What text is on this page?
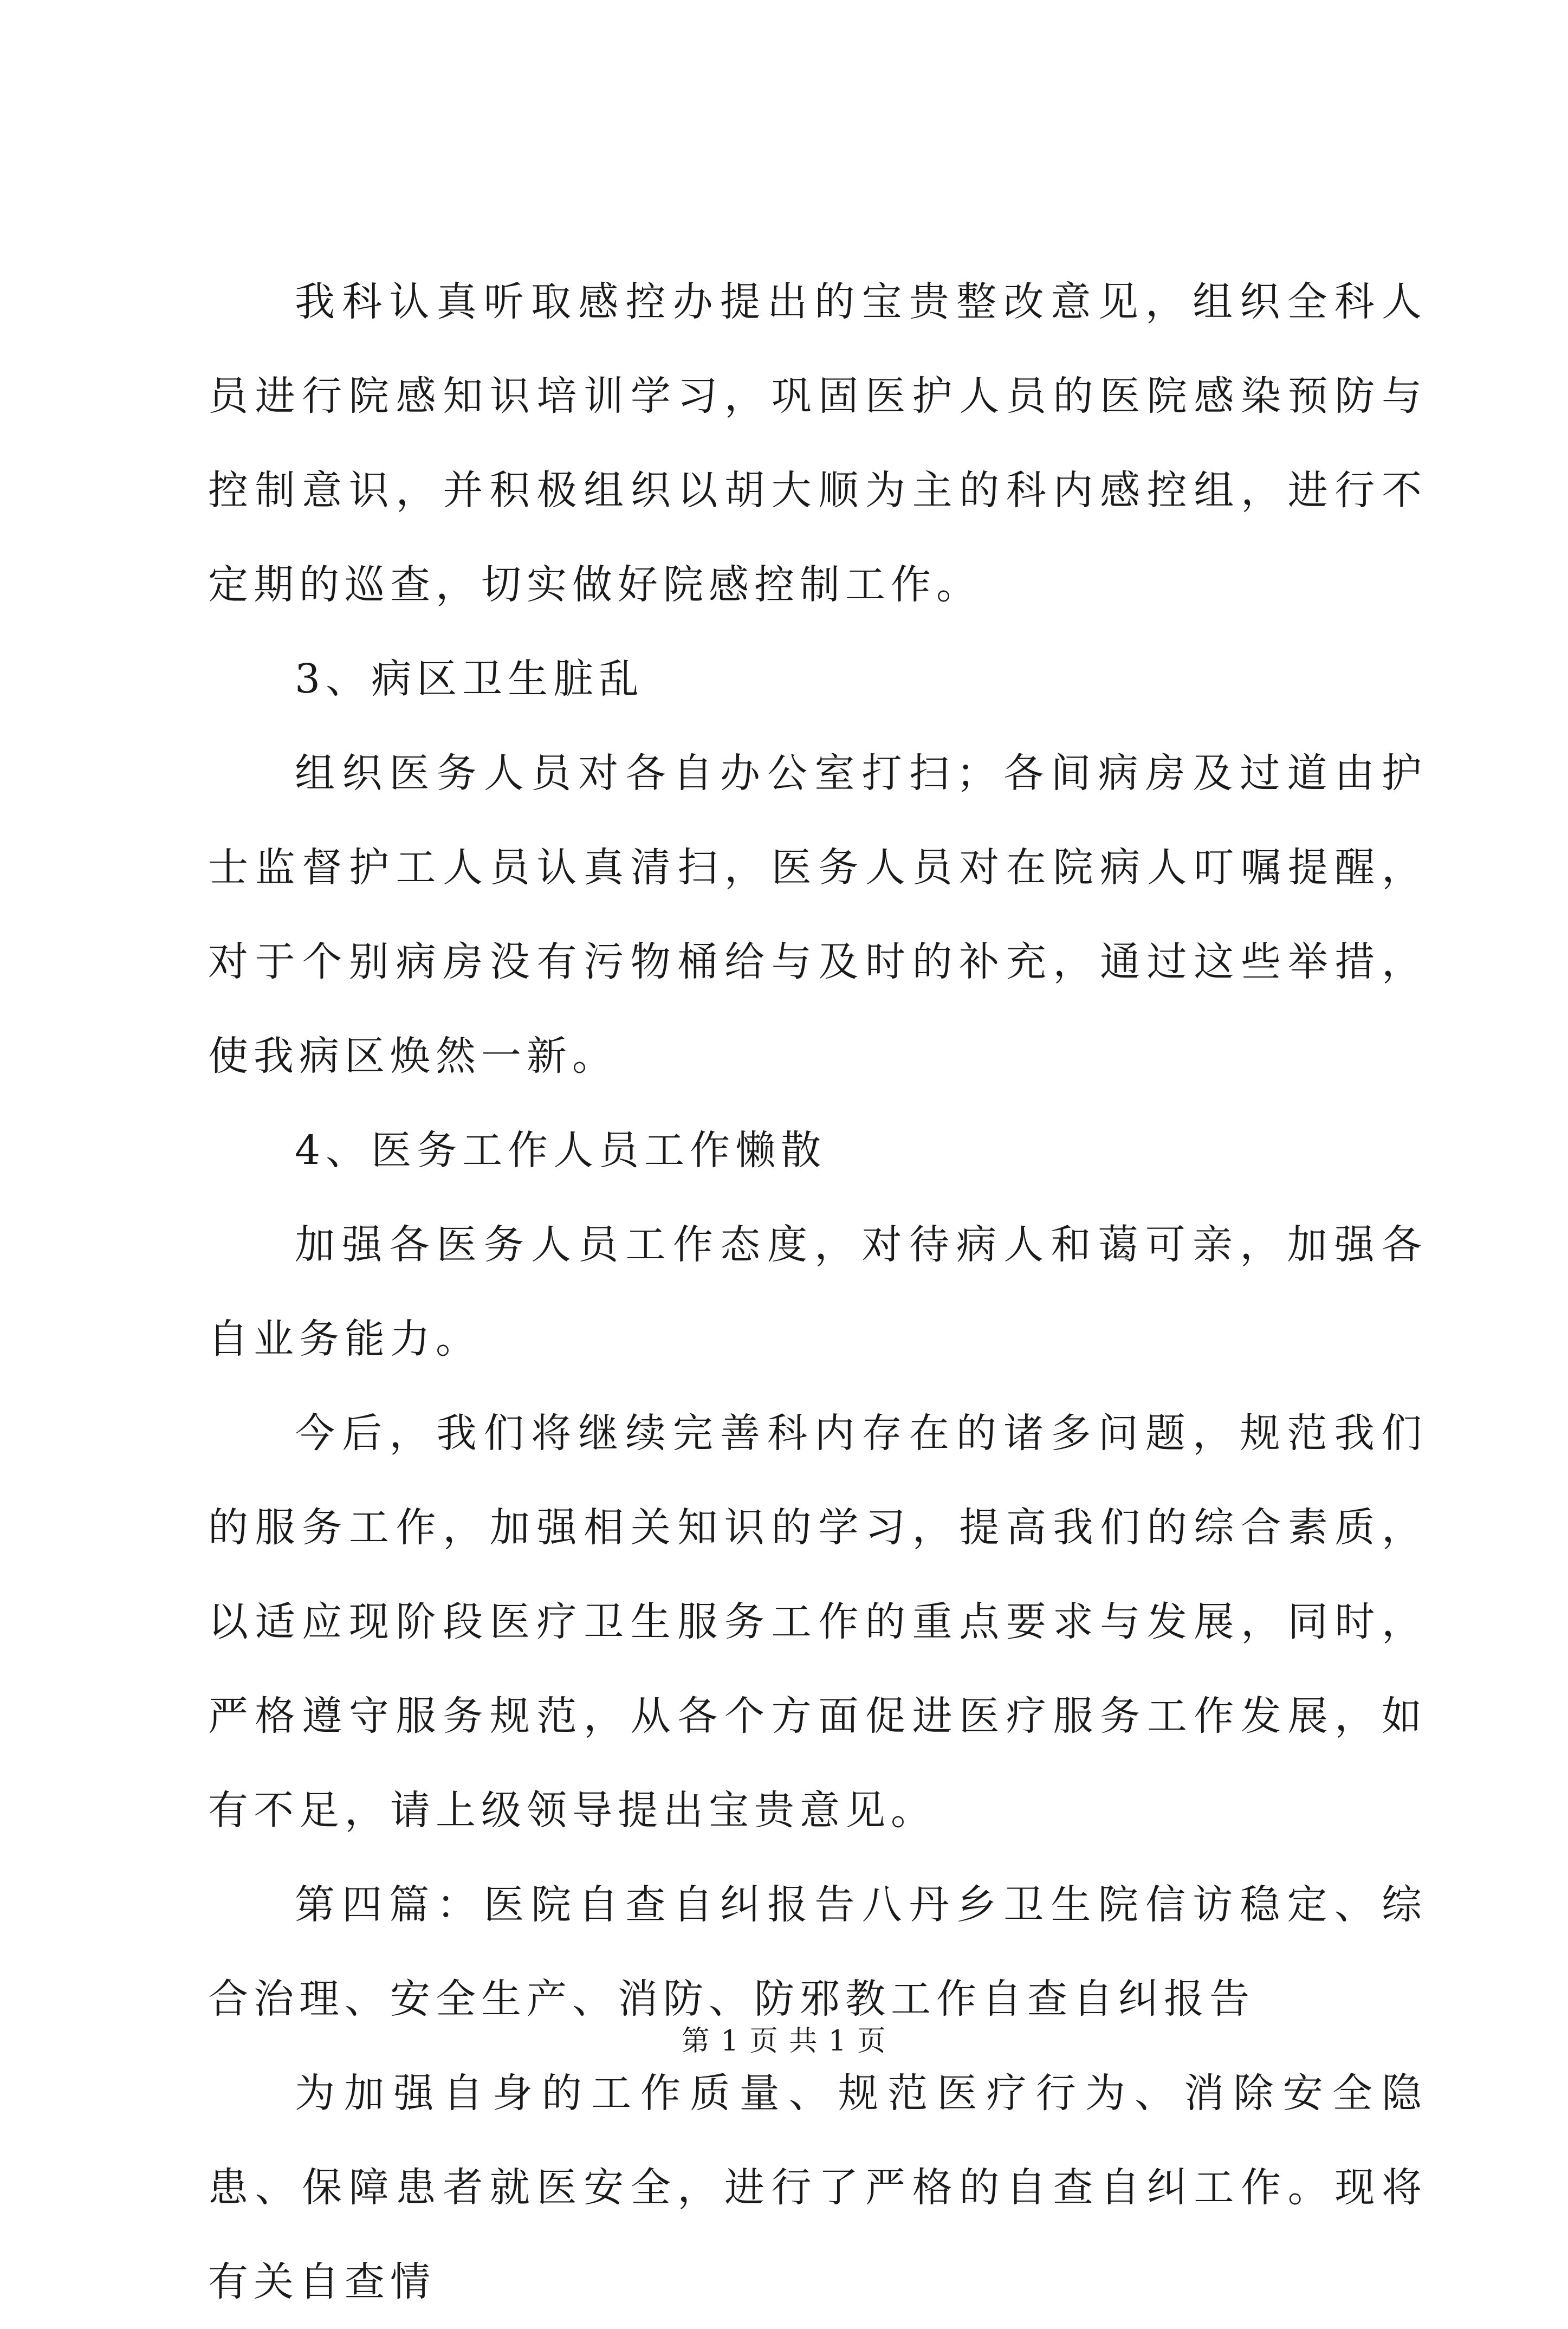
我科认真听取感控办提出的宝贵整改意见，组织全科人员进行院感知识培训学习，巩固医护人员的医院感染预防与控制意识，并积极组织以胡大顺为主的科内感控组，进行不定期的巡查，切实做好院感控制工作。

3、病区卫生脏乱

组织医务人员对各自办公室打扫；各间病房及过道由护士监督护工人员认真清扫，医务人员对在院病人叮嘱提醒，对于个别病房没有污物桶给与及时的补充，通过这些举措，使我病区焕然一新。

4、医务工作人员工作懒散

加强各医务人员工作态度，对待病人和蔼可亲，加强各自业务能力。

今后，我们将继续完善科内存在的诸多问题，规范我们的服务工作，加强相关知识的学习，提高我们的综合素质，以适应现阶段医疗卫生服务工作的重点要求与发展，同时，严格遵守服务规范，从各个方面促进医疗服务工作发展，如有不足，请上级领导提出宝贵意见。

第四篇：医院自查自纠报告八丹乡卫生院信访稳定、综合治理、安全生产、消防、防邪教工作自查自纠报告

为加强自身的工作质量、规范医疗行为、消除安全隐患、保障患者就医安全，进行了严格的自查自纠工作。现将有关自查情

第 1 页 共 1 页
